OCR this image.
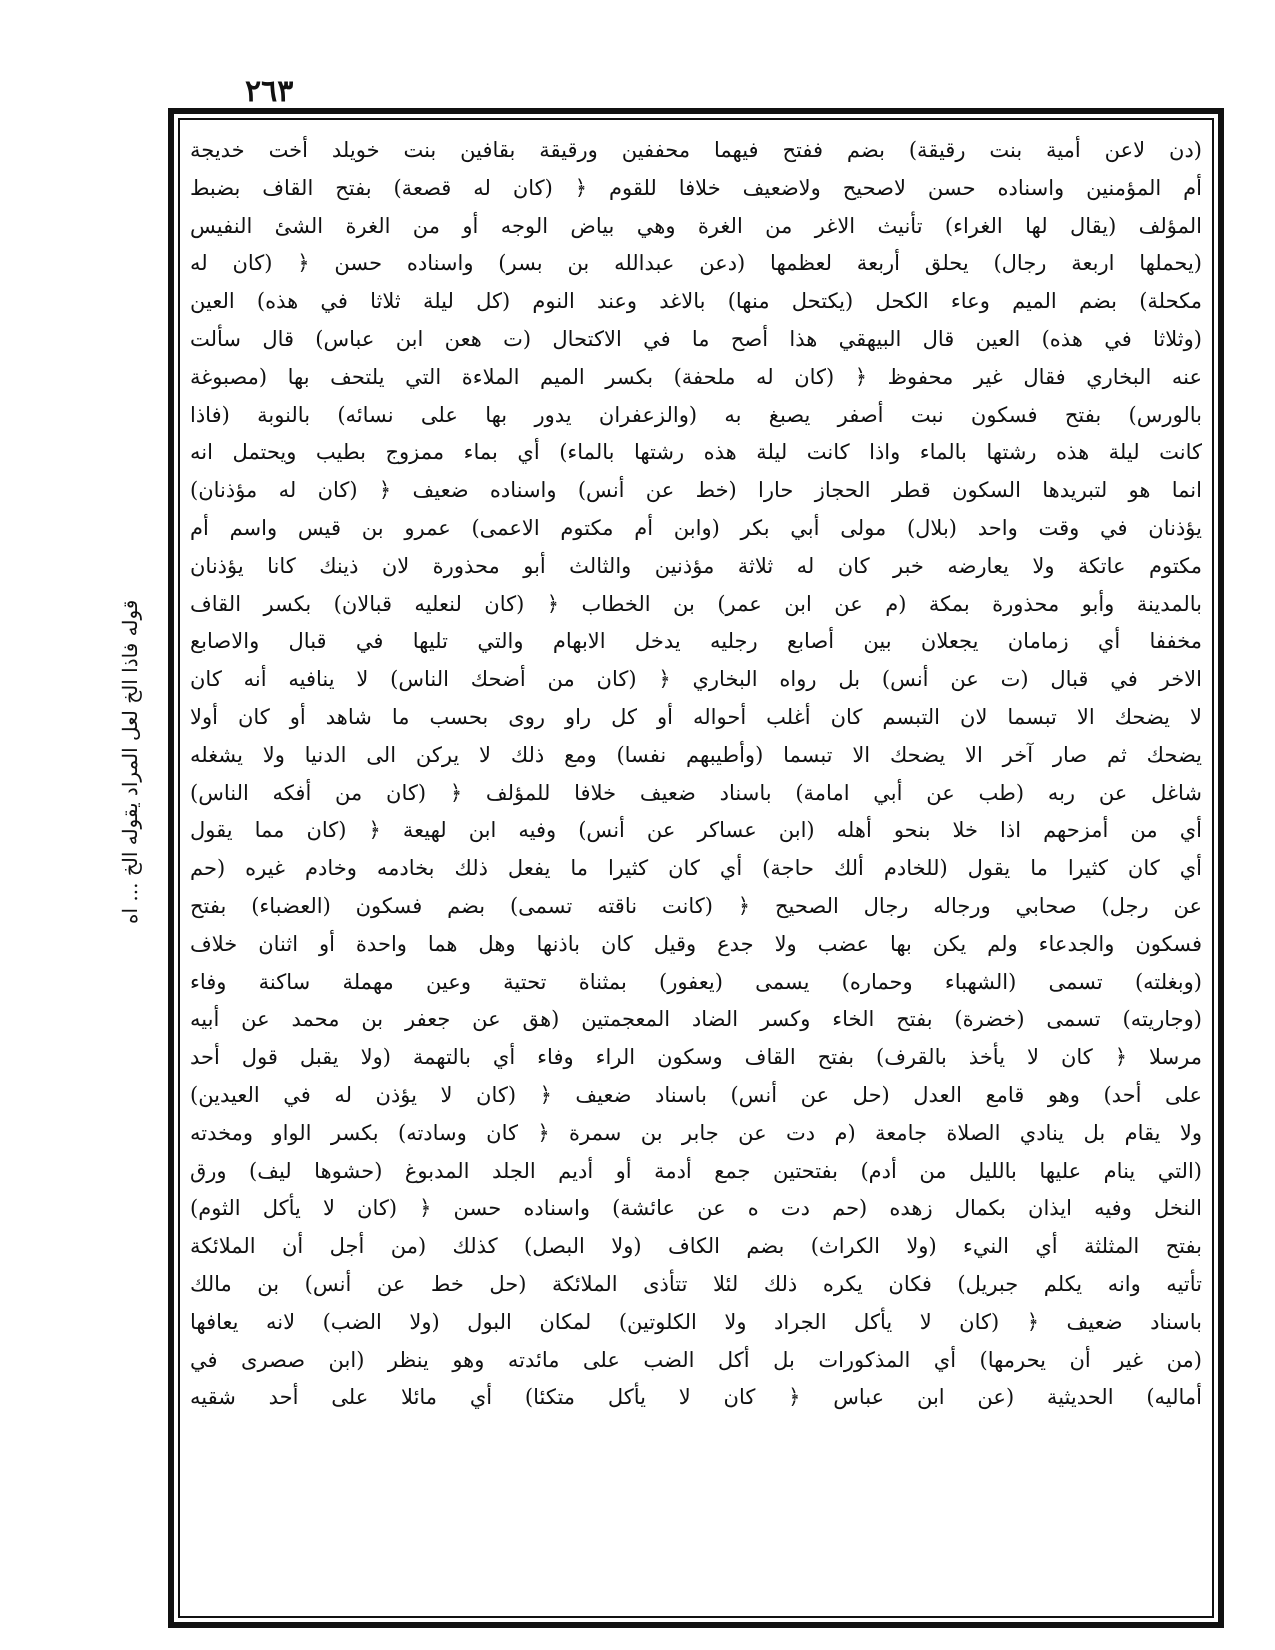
٢٦٣
قوله فاذا الخ لعل المراد يقوله الخ ... اه
(دن لاعن أمية بنت رقيقة) بضم ففتح فيهما محففين ورقيقة بقافين بنت خويلد أخت خديجة
أم المؤمنين واسناده حسن لاصحيح ولاضعيف خلافا للقوم ﴿ (كان له قصعة) بفتح القاف بضبط
المؤلف (يقال لها الغراء) تأنيث الاغر من الغرة وهي بياض الوجه أو من الغرة الشئ النفيس
(يحملها اربعة رجال) يحلق أربعة لعظمها (دعن عبدالله بن بسر) واسناده حسن ﴿ (كان له
مكحلة) بضم الميم وعاء الكحل (يكتحل منها) بالاغد وعند النوم (كل ليلة ثلاثا في هذه) العين
(وثلاثا في هذه) العين قال البيهقي هذا أصح ما في الاكتحال (ت هعن ابن عباس) قال سألت
عنه البخاري فقال غير محفوظ ﴿ (كان له ملحفة) بكسر الميم الملاءة التي يلتحف بها (مصبوغة
بالورس) بفتح فسكون نبت أصفر يصبغ به (والزعفران يدور بها على نسائه) بالنوبة (فاذا
كانت ليلة هذه رشتها بالماء واذا كانت ليلة هذه رشتها بالماء) أي بماء ممزوج بطيب ويحتمل انه
انما هو لتبريدها السكون قطر الحجاز حارا (خط عن أنس) واسناده ضعيف ﴿ (كان له مؤذنان)
يؤذنان في وقت واحد (بلال) مولى أبي بكر (وابن أم مكتوم الاعمى) عمرو بن قيس واسم أم
مكتوم عاتكة ولا يعارضه خبر كان له ثلاثة مؤذنين والثالث أبو محذورة لان ذينك كانا يؤذنان
بالمدينة وأبو محذورة بمكة (م عن ابن عمر) بن الخطاب ﴿ (كان لنعليه قبالان) بكسر القاف
مخففا أي زمامان يجعلان بين أصابع رجليه يدخل الابهام والتي تليها في قبال والاصابع
الاخر في قبال (ت عن أنس) بل رواه البخاري ﴿ (كان من أضحك الناس) لا ينافيه أنه كان
لا يضحك الا تبسما لان التبسم كان أغلب أحواله أو كل راو روى بحسب ما شاهد أو كان أولا
يضحك ثم صار آخر الا يضحك الا تبسما (وأطيبهم نفسا) ومع ذلك لا يركن الى الدنيا ولا يشغله
شاغل عن ربه (طب عن أبي امامة) باسناد ضعيف خلافا للمؤلف ﴿ (كان من أفكه الناس)
أي من أمزحهم اذا خلا بنحو أهله (ابن عساكر عن أنس) وفيه ابن لهيعة ﴿ (كان مما يقول
أي كان كثيرا ما يقول (للخادم ألك حاجة) أي كان كثيرا ما يفعل ذلك بخادمه وخادم غيره (حم
عن رجل) صحابي ورجاله رجال الصحيح ﴿ (كانت ناقته تسمى) بضم فسكون (العضباء) بفتح
فسكون والجدعاء ولم يكن بها عضب ولا جدع وقيل كان باذنها وهل هما واحدة أو اثنان خلاف
(وبغلته) تسمى (الشهباء وحماره) يسمى (يعفور) بمثناة تحتية وعين مهملة ساكنة وفاء
(وجاريته) تسمى (خضرة) بفتح الخاء وكسر الضاد المعجمتين (هق عن جعفر بن محمد عن أبيه
مرسلا ﴿ كان لا يأخذ بالقرف) بفتح القاف وسكون الراء وفاء أي بالتهمة (ولا يقبل قول أحد
على أحد) وهو قامع العدل (حل عن أنس) باسناد ضعيف ﴿ (كان لا يؤذن له في العيدين)
ولا يقام بل ينادي الصلاة جامعة (م دت عن جابر بن سمرة ﴿ كان وسادته) بكسر الواو ومخدته
(التي ينام عليها بالليل من أدم) بفتحتين جمع أدمة أو أديم الجلد المدبوغ (حشوها ليف) ورق
النخل وفيه ايذان بكمال زهده (حم دت ه عن عائشة) واسناده حسن ﴿ (كان لا يأكل الثوم)
بفتح المثلثة أي النيء (ولا الكراث) بضم الكاف (ولا البصل) كذلك (من أجل أن الملائكة
تأتيه وانه يكلم جبريل) فكان يكره ذلك لئلا تتأذى الملائكة (حل خط عن أنس) بن مالك
باسناد ضعيف ﴿ (كان لا يأكل الجراد ولا الكلوتين) لمكان البول (ولا الضب) لانه يعافها
(من غير أن يحرمها) أي المذكورات بل أكل الضب على مائدته وهو ينظر (ابن صصرى في
أماليه) الحديثية (عن ابن عباس ﴿ كان لا يأكل متكئا) أي مائلا على أحد شقيه
